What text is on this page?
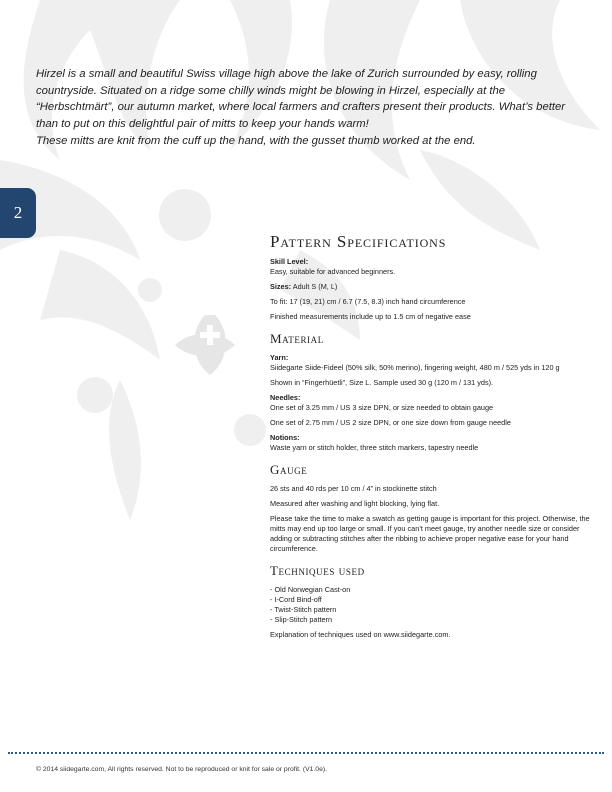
Hirzel is a small and beautiful Swiss village high above the lake of Zurich surrounded by easy, rolling countryside. Situated on a ridge some chilly winds might be blowing in Hirzel, especially at the “Herbschtmärt”, our autumn market, where local farmers and crafters present their products. What’s better than to put on this delightful pair of mitts to keep your hands warm!

These mitts are knit from the cuff up the hand, with the gusset thumb worked at the end.

2
Pattern Specifications
Skill Level:
Easy, suitable for advanced beginners.
Sizes: Adult S (M, L)
To fit: 17 (19, 21) cm / 6.7 (7.5, 8.3) inch hand circumference
Finished measurements include up to 1.5 cm of negative ease
Material
Yarn:
Siidegarte Siide-Fideel (50% silk, 50% merino), fingering weight, 480 m / 525 yds in 120 g
Shown in “Fingerhüetli”, Size L. Sample used 30 g (120 m / 131 yds).
Needles:
One set of 3.25 mm / US 3 size DPN, or size needed to obtain gauge
One set of 2.75 mm / US 2 size DPN, or one size down from gauge needle
Notions:
Waste yarn or stitch holder, three stitch markers, tapestry needle
Gauge
26 sts and 40 rds per 10 cm / 4” in stockinette stitch
Measured after washing and light blocking, lying flat.
Please take the time to make a swatch as getting gauge is important for this project. Otherwise, the mitts may end up too large or small. If you can’t meet gauge, try another needle size or consider adding or subtracting stitches after the ribbing to achieve proper negative ease for your hand circumference.
Techniques used
- Old Norwegian Cast-on
- I-Cord Bind-off
- Twist-Stitch pattern
- Slip-Stitch pattern
Explanation of techniques used on www.siidegarte.com.
© 2014 siidegarte.com, All rights reserved. Not to be reproduced or knit for sale or profit. (V1.0e).
